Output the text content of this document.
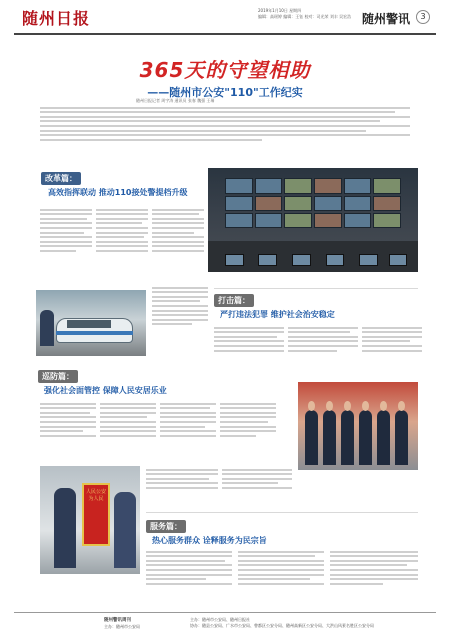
随州日报	2019年1月10日 星期四
编辑：高瑶婷 编辑：王钰 校对：司光荣 刘丰 吴宏浩 随州警讯	3
365天的守望相助
——随州市公安"110"工作纪实
随州日报记者 周宇涛 通讯员 张春 魏强 王瑞
改革篇：
高效指挥联动 推动110接处警提档升级
打击篇：
严打违法犯罪 维护社会治安稳定
巡防篇：
强化社会面管控 保障人民安居乐业
人民公安为人民
服务篇：
热心服务群众 诠释服务为民宗旨
随州警讯周刊
主办：随州市公安局
主办：随州市公安局、随州日报社
协办：随县公安局、广水市公安局、曾都区公安分局、随州高新区公安分局、大洪山风景名胜区公安分局
